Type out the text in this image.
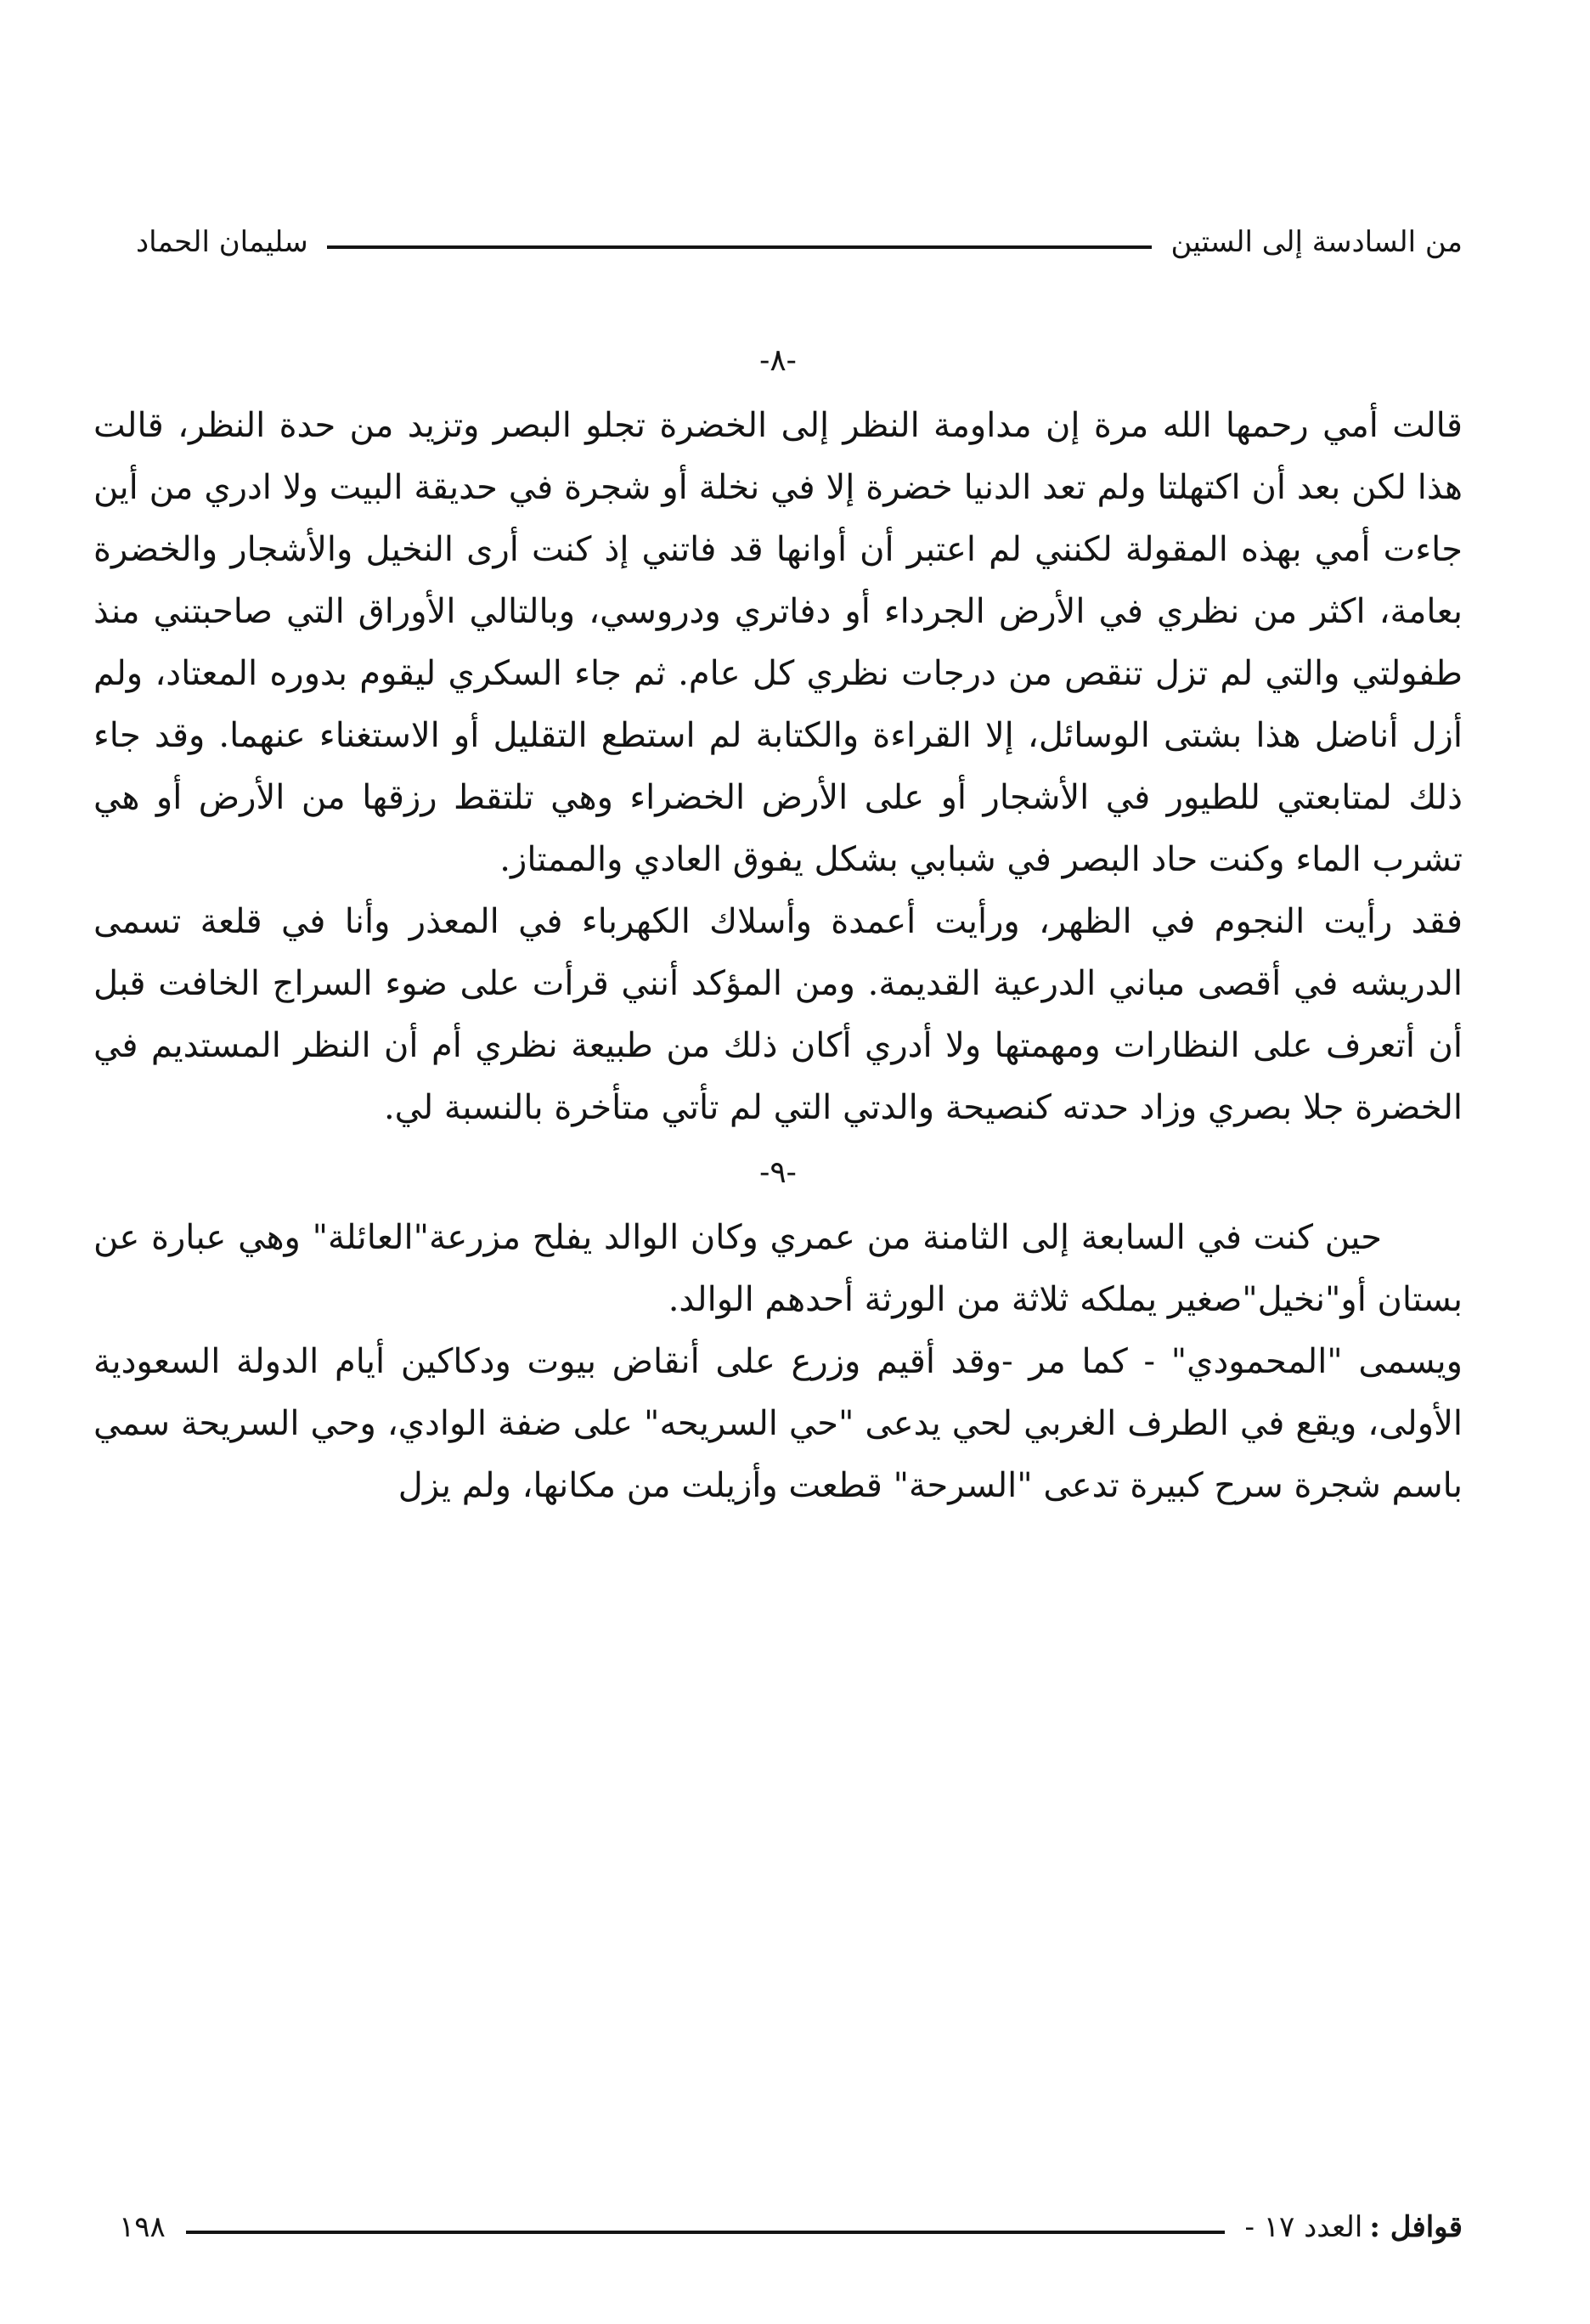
من السادسة إلى الستين
سليمان الحماد
-٨-

قالت أمي رحمها الله مرة إن مداومة النظر إلى الخضرة تجلو البصر وتزيد من حدة النظر، قالت هذا لكن بعد أن اكتهلتا ولم تعد الدنيا خضرة إلا في نخلة أو شجرة في حديقة البيت ولا ادري من أين جاءت أمي بهذه المقولة لكنني لم اعتبر أن أوانها قد فاتني إذ كنت أرى النخيل والأشجار والخضرة بعامة، اكثر من نظري في الأرض الجرداء أو دفاتري ودروسي، وبالتالي الأوراق التي صاحبتني منذ طفولتي والتي لم تزل تنقص من درجات نظري كل عام. ثم جاء السكري ليقوم بدوره المعتاد، ولم أزل أناضل هذا بشتى الوسائل، إلا القراءة والكتابة لم استطع التقليل أو الاستغناء عنهما. وقد جاء ذلك لمتابعتي للطيور في الأشجار أو على الأرض الخضراء وهي تلتقط رزقها من الأرض أو هي تشرب الماء وكنت حاد البصر في شبابي بشكل يفوق العادي والممتاز.

فقد رأيت النجوم في الظهر، ورأيت أعمدة وأسلاك الكهرباء في المعذر وأنا في قلعة تسمى الدريشه في أقصى مباني الدرعية القديمة. ومن المؤكد أنني قرأت على ضوء السراج الخافت قبل أن أتعرف على النظارات ومهمتها ولا أدري أكان ذلك من طبيعة نظري أم أن النظر المستديم في الخضرة جلا بصري وزاد حدته كنصيحة والدتي التي لم تأتي متأخرة بالنسبة لي.

-٩-

حين كنت في السابعة إلى الثامنة من عمري وكان الوالد يفلح مزرعة"العائلة" وهي عبارة عن بستان أو"نخيل"صغير يملكه ثلاثة من الورثة أحدهم الوالد.

ويسمى "المحمودي" - كما مر -وقد أقيم وزرع على أنقاض بيوت ودكاكين أيام الدولة السعودية الأولى، ويقع في الطرف الغربي لحي يدعى "حي السريحه" على ضفة الوادي، وحي السريحة سمي باسم شجرة سرح كبيرة تدعى "السرحة" قطعت وأزيلت من مكانها، ولم يزل

قوافل :
العدد ١٧ -
١٩٨
